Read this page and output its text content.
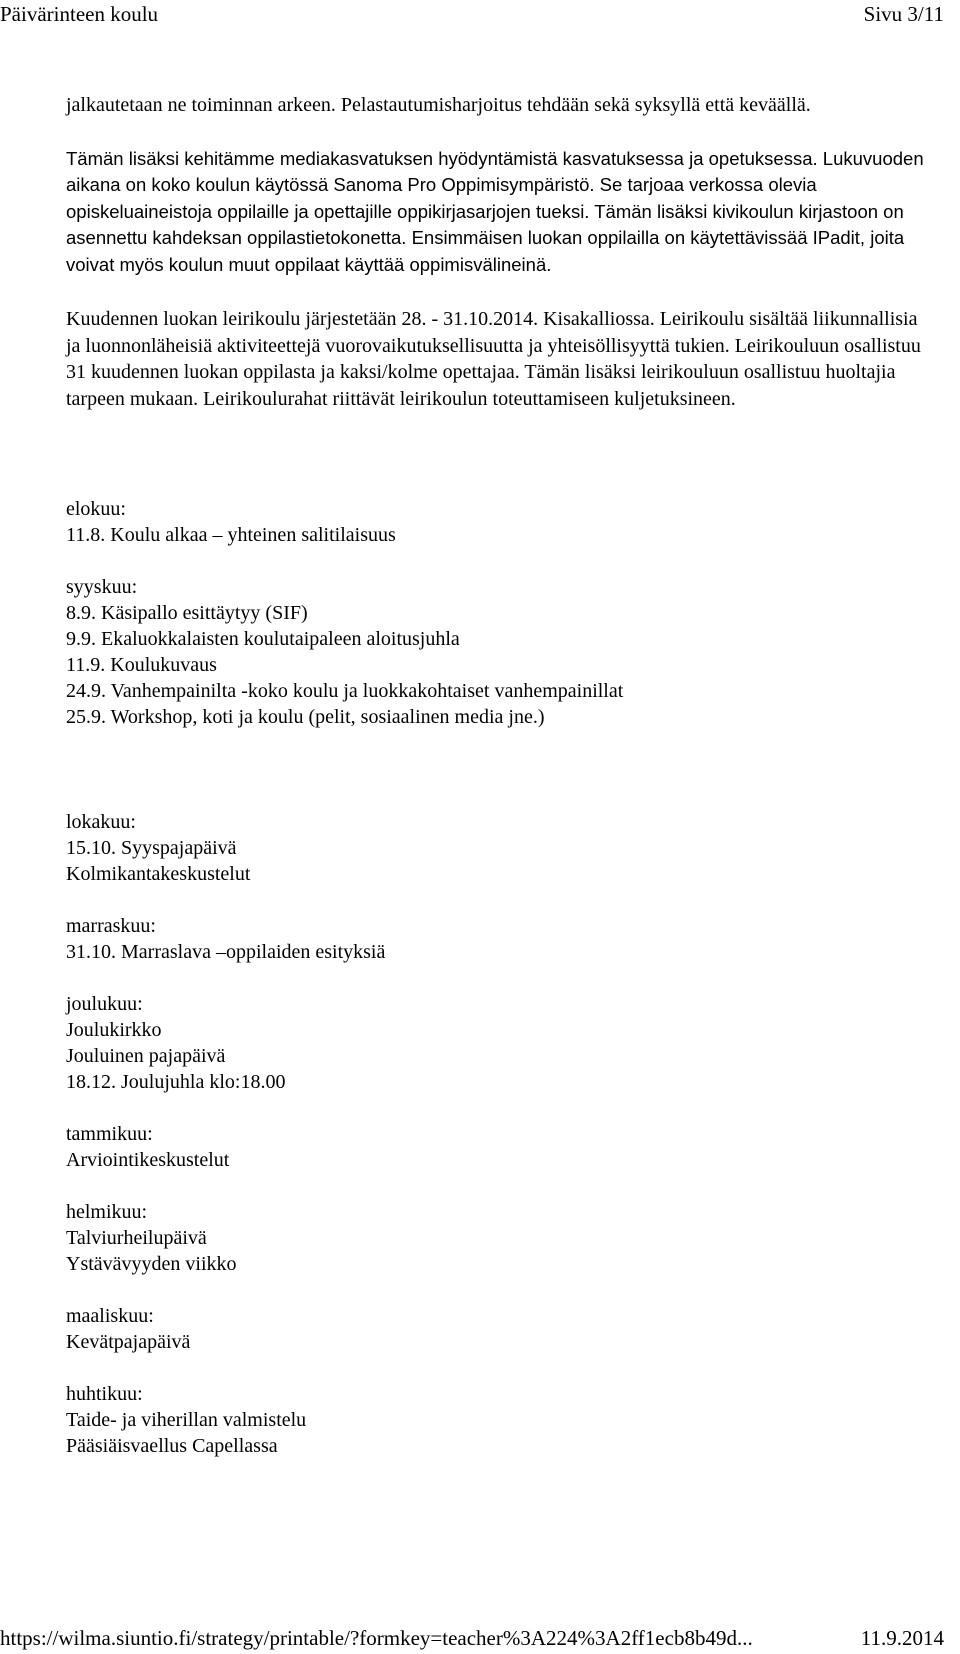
Päivärinteen koulu	Sivu 3/11

jalkautetaan ne toiminnan arkeen. Pelastautumisharjoitus tehdään sekä syksyllä että keväällä.

Tämän lisäksi kehitämme mediakasvatuksen hyödyntämistä kasvatuksessa ja opetuksessa. Lukuvuoden aikana on koko koulun käytössä Sanoma Pro Oppimisympäristö. Se tarjoaa verkossa olevia opiskeluaineistoja oppilaille ja opettajille oppikirjasarjojen tueksi. Tämän lisäksi kivikoulun kirjastoon on asennettu kahdeksan oppilastietokonetta. Ensimmäisen luokan oppilailla on käytettävissää IPadit, joita voivat myös koulun muut oppilaat käyttää oppimisvälineinä.

Kuudennen luokan leirikoulu järjestetään 28. - 31.10.2014. Kisakalliossa. Leirikoulu sisältää liikunnallisia ja luonnonläheisiä aktiviteettejä vuorovaikutuksellisuutta ja yhteisöllisyyttä tukien. Leirikouluun osallistuu 31 kuudennen luokan oppilasta ja kaksi/kolme opettajaa. Tämän lisäksi leirikouluun osallistuu huoltajia tarpeen mukaan. Leirikoulurahat riittävät leirikoulun toteuttamiseen kuljetuksineen.

elokuu:
11.8. Koulu alkaa – yhteinen salitilaisuus
syyskuu:
8.9. Käsipallo esittäytyy (SIF)
9.9. Ekaluokkalaisten koulutaipaleen aloitusjuhla
11.9. Koulukuvaus
24.9. Vanhempainilta -koko koulu ja luokkakohtaiset vanhempainillat
25.9. Workshop, koti ja koulu (pelit, sosiaalinen media jne.)
lokakuu:
15.10. Syyspajapäivä
Kolmikantakeskustelut
marraskuu:
31.10. Marraslava –oppilaiden esityksiä
joulukuu:
Joulukirkko
Jouluinen pajapäivä
18.12. Joulujuhla klo:18.00
tammikuu:
Arviointikeskustelut
helmikuu:
Talviurheilupäivä
Ystävävyyden viikko
maaliskuu:
Kevätpajapäivä
huhtikuu:
Taide- ja viherillan valmistelu
Pääsiäisvaellus Capellassa
https://wilma.siuntio.fi/strategy/printable/?formkey=teacher%3A224%3A2ff1ecb8b49d...	11.9.2014
